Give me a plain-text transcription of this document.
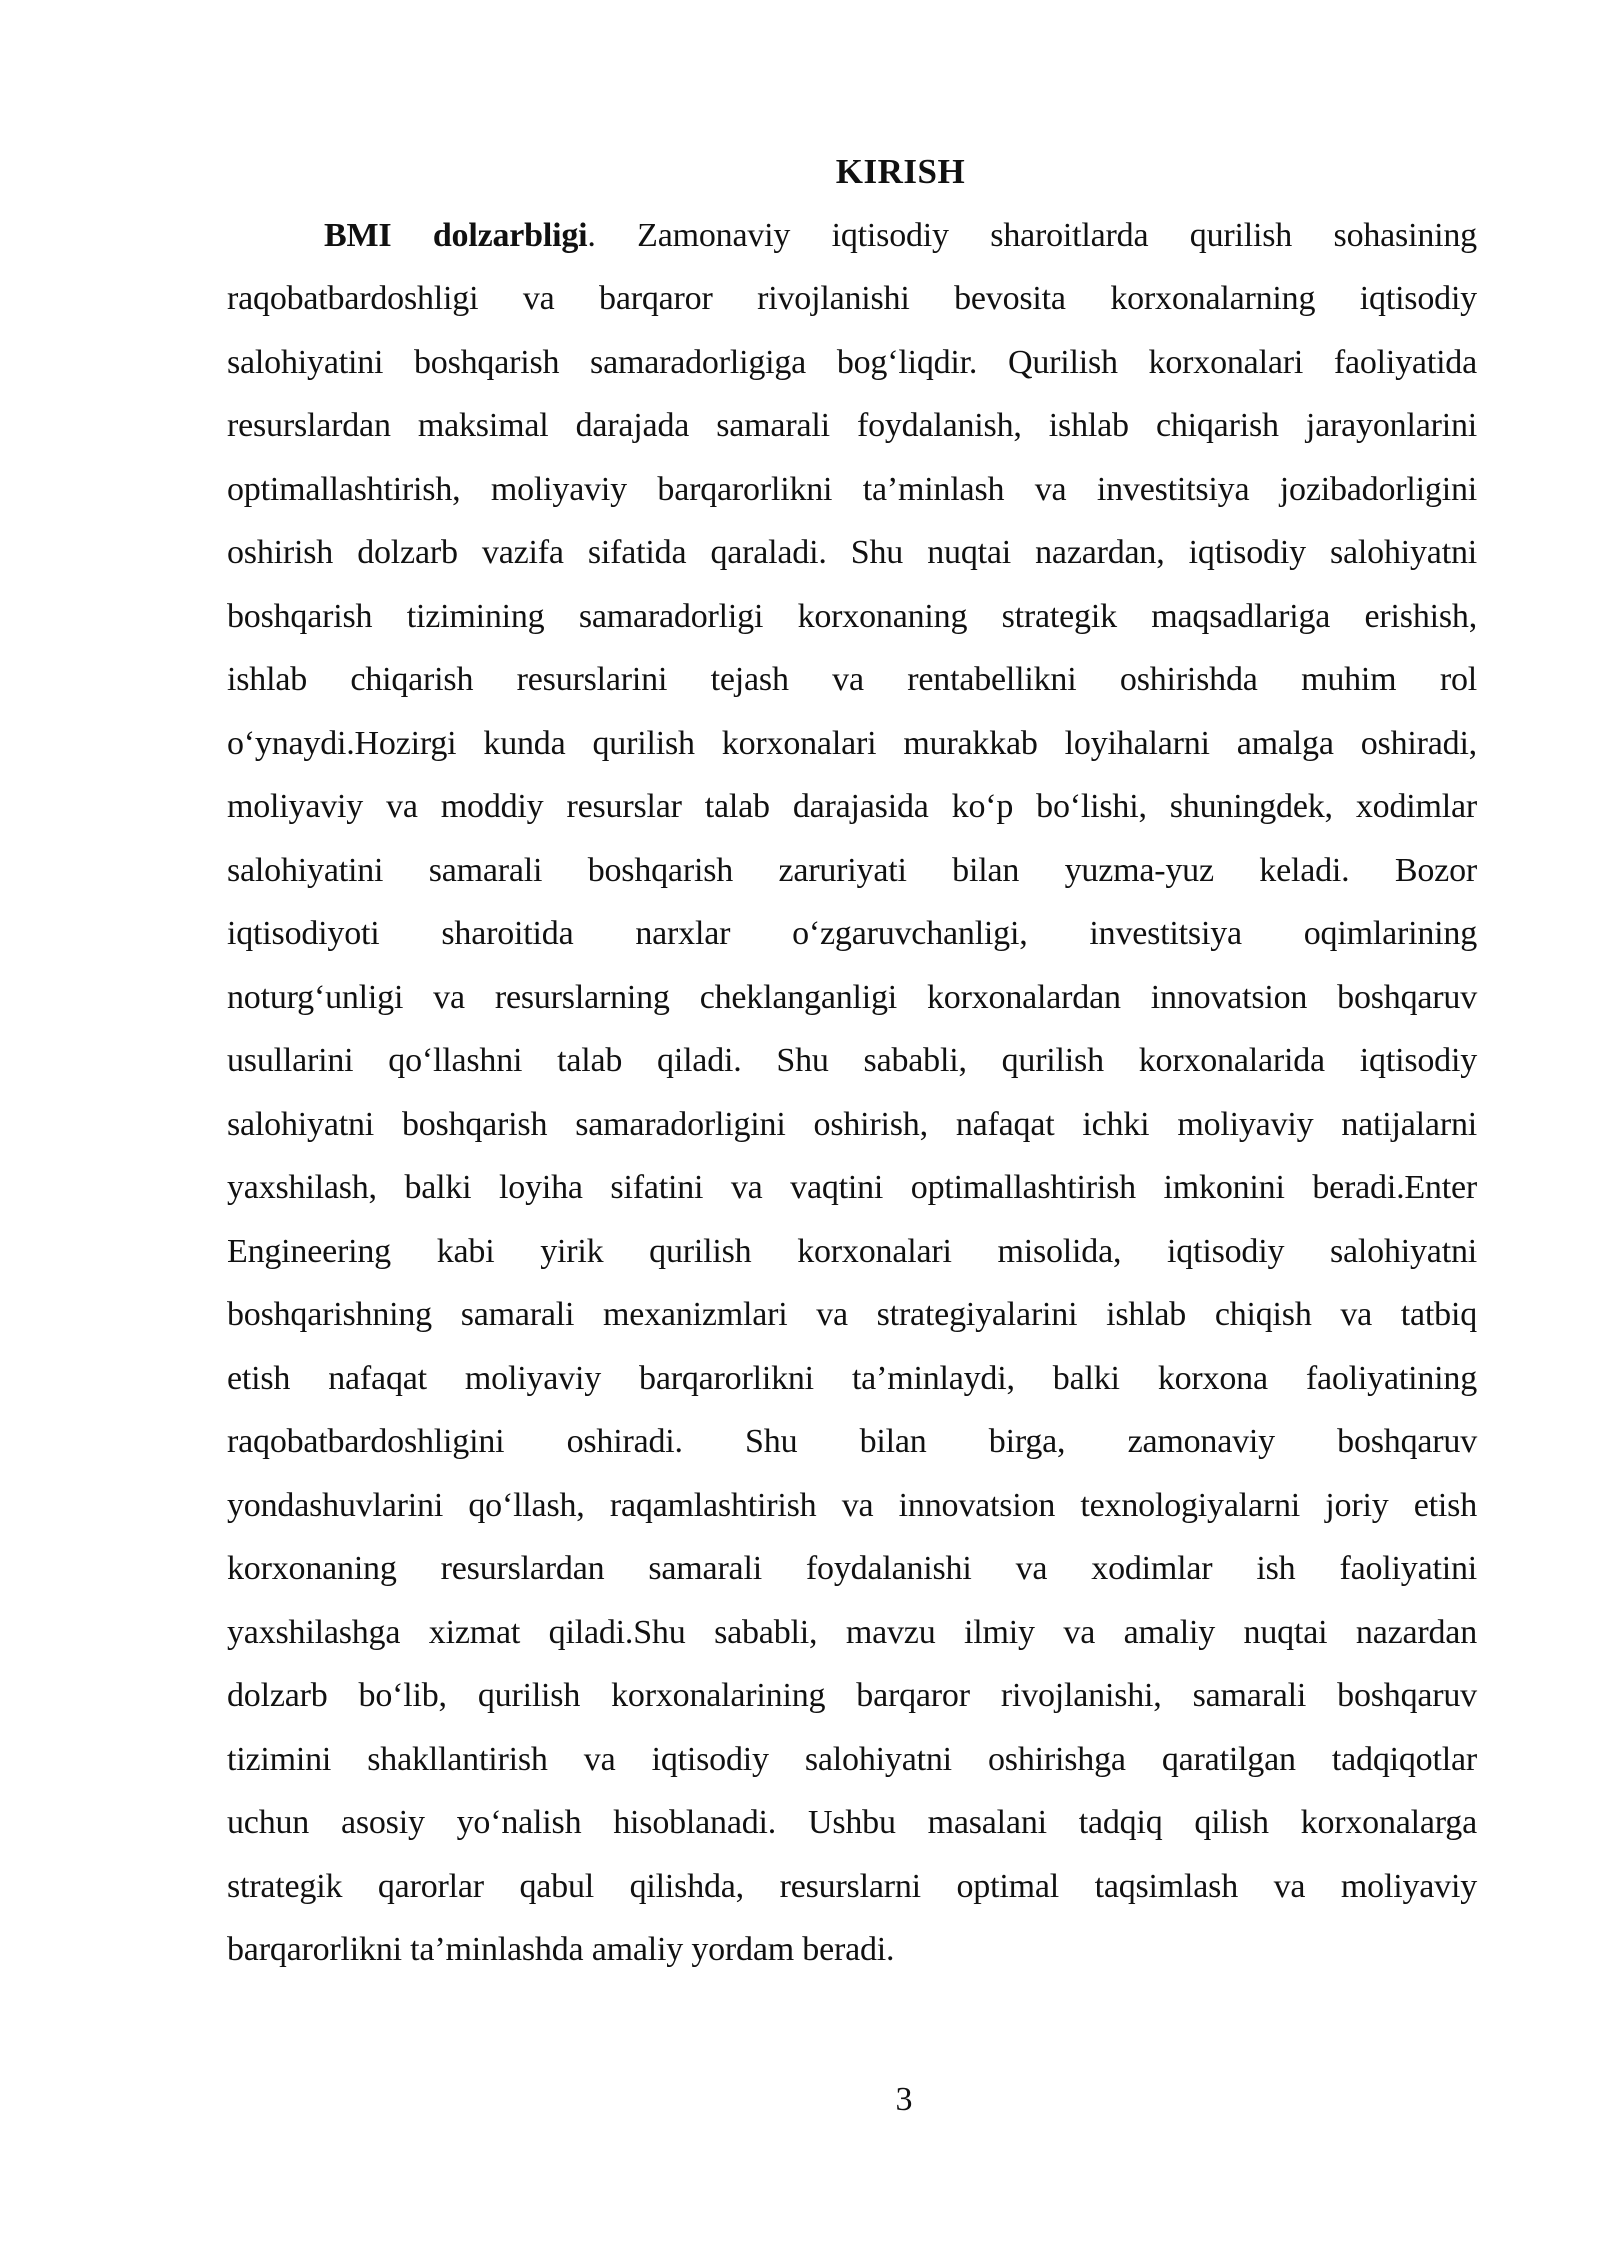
KIRISH
BMI dolzarbligi. Zamonaviy iqtisodiy sharoitlarda qurilish sohasining
raqobatbardoshligi va barqaror rivojlanishi bevosita korxonalarning iqtisodiy
salohiyatini boshqarish samaradorligiga bogʻliqdir. Qurilish korxonalari faoliyatida
resurslardan maksimal darajada samarali foydalanish, ishlab chiqarish jarayonlarini
optimallashtirish, moliyaviy barqarorlikni ta’minlash va investitsiya jozibadorligini
oshirish dolzarb vazifa sifatida qaraladi. Shu nuqtai nazardan, iqtisodiy salohiyatni
boshqarish tizimining samaradorligi korxonaning strategik maqsadlariga erishish,
ishlab chiqarish resurslarini tejash va rentabellikni oshirishda muhim rol
oʻynaydi.Hozirgi kunda qurilish korxonalari murakkab loyihalarni amalga oshiradi,
moliyaviy va moddiy resurslar talab darajasida koʻp boʻlishi, shuningdek, xodimlar
salohiyatini samarali boshqarish zaruriyati bilan yuzma-yuz keladi. Bozor
iqtisodiyoti sharoitida narxlar oʻzgaruvchanligi, investitsiya oqimlarining
noturgʻunligi va resurslarning cheklanganligi korxonalardan innovatsion boshqaruv
usullarini qoʻllashni talab qiladi. Shu sababli, qurilish korxonalarida iqtisodiy
salohiyatni boshqarish samaradorligini oshirish, nafaqat ichki moliyaviy natijalarni
yaxshilash, balki loyiha sifatini va vaqtini optimallashtirish imkonini beradi.Enter
Engineering kabi yirik qurilish korxonalari misolida, iqtisodiy salohiyatni
boshqarishning samarali mexanizmlari va strategiyalarini ishlab chiqish va tatbiq
etish nafaqat moliyaviy barqarorlikni ta’minlaydi, balki korxona faoliyatining
raqobatbardoshligini oshiradi. Shu bilan birga, zamonaviy boshqaruv
yondashuvlarini qoʻllash, raqamlashtirish va innovatsion texnologiyalarni joriy etish
korxonaning resurslardan samarali foydalanishi va xodimlar ish faoliyatini
yaxshilashga xizmat qiladi.Shu sababli, mavzu ilmiy va amaliy nuqtai nazardan
dolzarb boʻlib, qurilish korxonalarining barqaror rivojlanishi, samarali boshqaruv
tizimini shakllantirish va iqtisodiy salohiyatni oshirishga qaratilgan tadqiqotlar
uchun asosiy yoʻnalish hisoblanadi. Ushbu masalani tadqiq qilish korxonalarga
strategik qarorlar qabul qilishda, resurslarni optimal taqsimlash va moliyaviy
barqarorlikni ta’minlashda amaliy yordam beradi.
3
